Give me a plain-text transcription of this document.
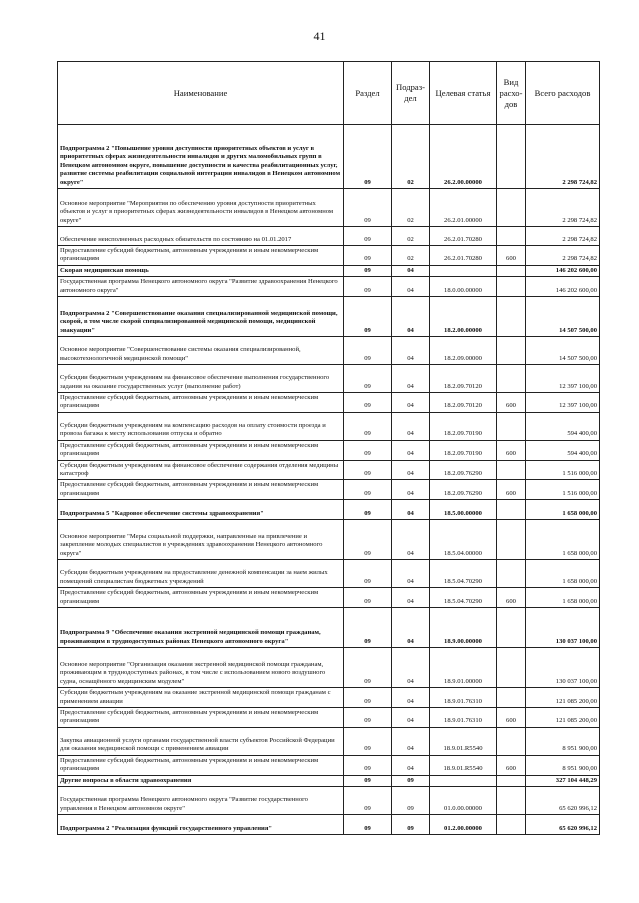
41
Наименование	Раздел	Подраз-дел	Целевая статья	Вид расхо-дов	Всего расходов
Подпрограмма 2 "Повышение уровня доступности приоритетных объектов и услуг в приоритетных сферах жизнедеятельности инвалидов и других маломобильных групп в Ненецком автономном округе, повышение доступности и качества реабилитационных услуг, развитие системы реабилитации социальной интеграции инвалидов в Ненецком автономном округе"	09	02	26.2.00.00000		2 298 724,82
Основное мероприятие "Мероприятия по обеспечению уровня доступности приоритетных объектов и услуг в приоритетных сферах жизнедеятельности инвалидов в Ненецком автономном округе"	09	02	26.2.01.00000		2 298 724,82
Обеспечение неисполненных расходных обязательств по состоянию на 01.01.2017	09	02	26.2.01.70280		2 298 724,82
Предоставление субсидий бюджетным, автономным учреждениям и иным некоммерческим организациям	09	02	26.2.01.70280	600	2 298 724,82
Скорая медицинская помощь	09	04			146 202 600,00
Государственная программа Ненецкого автономного округа "Развитие здравоохранения Ненецкого автономного округа"	09	04	18.0.00.00000		146 202 600,00
Подпрограмма 2 "Совершенствование оказания специализированной медицинской помощи, скорой, в том числе скорой специализированной медицинской помощи, медицинской эвакуации"	09	04	18.2.00.00000		14 507 500,00
Основное мероприятие "Совершенствование системы оказания специализированной, высокотехнологичной медицинской помощи"	09	04	18.2.09.00000		14 507 500,00
Субсидии бюджетным учреждениям на финансовое обеспечение выполнения государственного задания на оказание государственных услуг (выполнение работ)	09	04	18.2.09.70120		12 397 100,00
Предоставление субсидий бюджетным, автономным учреждениям и иным некоммерческим организациям	09	04	18.2.09.70120	600	12 397 100,00
Субсидии бюджетным учреждениям на компенсацию расходов на оплату стоимости проезда и провоза багажа к месту использования отпуска и обратно	09	04	18.2.09.70190		594 400,00
Предоставление субсидий бюджетным, автономным учреждениям и иным некоммерческим организациям	09	04	18.2.09.70190	600	594 400,00
Субсидии бюджетным учреждениям на финансовое обеспечение содержания отделения медицины катастроф	09	04	18.2.09.76290		1 516 000,00
Предоставление субсидий бюджетным, автономным учреждениям и иным некоммерческим организациям	09	04	18.2.09.76290	600	1 516 000,00
Подпрограмма 5 "Кадровое обеспечение системы здравоохранения"	09	04	18.5.00.00000		1 658 000,00
Основное мероприятие "Меры социальной поддержки, направленные на привлечение и закрепление молодых специалистов в учреждениях здравоохранения Ненецкого автономного округа"	09	04	18.5.04.00000		1 658 000,00
Субсидии бюджетным учреждениям на предоставление денежной компенсации за наем жилых помещений специалистам бюджетных учреждений	09	04	18.5.04.70290		1 658 000,00
Предоставление субсидий бюджетным, автономным учреждениям и иным некоммерческим организациям	09	04	18.5.04.70290	600	1 658 000,00
Подпрограмма 9 "Обеспечение оказания экстренной медицинской помощи гражданам, проживающим в труднодоступных районах Ненецкого автономного округа"	09	04	18.9.00.00000		130 037 100,00
Основное мероприятие "Организация оказания экстренной медицинской помощи гражданам, проживающим в труднодоступных районах, в том числе с использованием нового воздушного судна, оснащённого медицинским модулем"	09	04	18.9.01.00000		130 037 100,00
Субсидии бюджетным учреждениям на оказание экстренной медицинской помощи гражданам с применением авиации	09	04	18.9.01.76310		121 085 200,00
Предоставление субсидий бюджетным, автономным учреждениям и иным некоммерческим организациям	09	04	18.9.01.76310	600	121 085 200,00
Закупка авиационной услуги органами государственной власти субъектов Российской Федерации для оказания медицинской помощи с применением авиации	09	04	18.9.01.R5540		8 951 900,00
Предоставление субсидий бюджетным, автономным учреждениям и иным некоммерческим организациям	09	04	18.9.01.R5540	600	8 951 900,00
Другие вопросы в области здравоохранения	09	09			327 104 448,29
Государственная программа Ненецкого автономного округа "Развитие государственного управления в Ненецком автономном округе"	09	09	01.0.00.00000		65 620 996,12
Подпрограмма 2 "Реализация функций государственного управления"	09	09	01.2.00.00000		65 620 996,12
